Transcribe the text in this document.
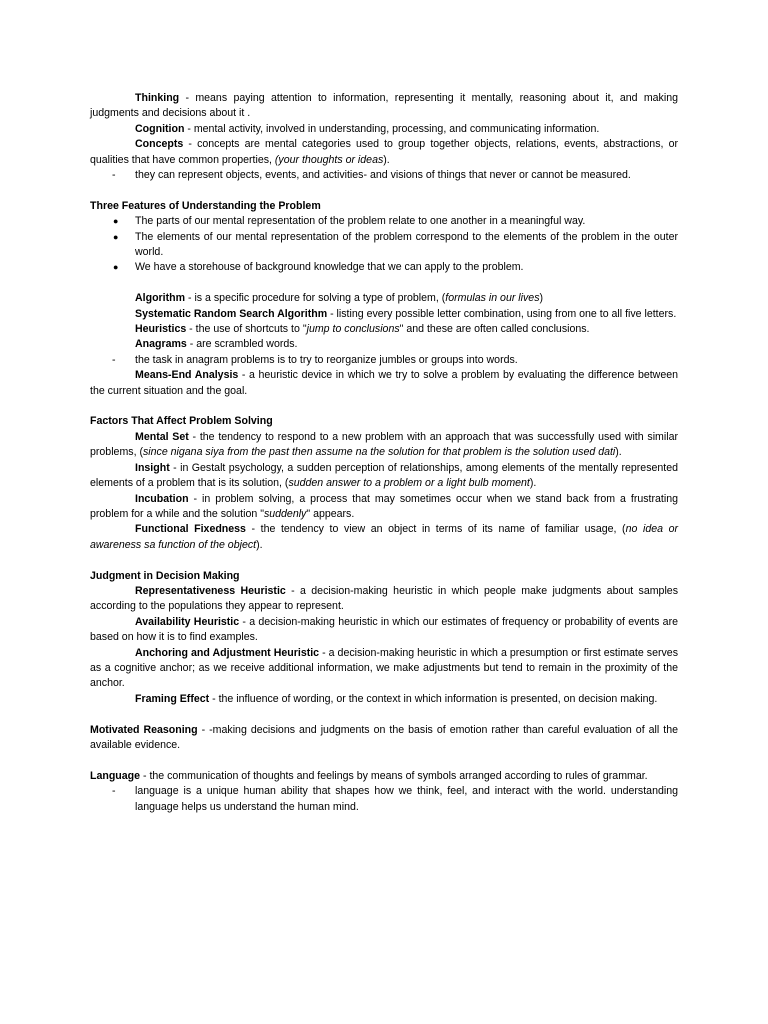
Thinking - means paying attention to information, representing it mentally, reasoning about it, and making judgments and decisions about it .

Cognition - mental activity, involved in understanding, processing, and communicating information.

Concepts - concepts are mental categories used to group together objects, relations, events, abstractions, or qualities that have common properties, (your thoughts or ideas).

- they can represent objects, events, and activities- and visions of things that never or cannot be measured.

Three Features of Understanding the Problem

● The parts of our mental representation of the problem relate to one another in a meaningful way.

● The elements of our mental representation of the problem correspond to the elements of the problem in the outer world.

● We have a storehouse of background knowledge that we can apply to the problem.

Algorithm - is a specific procedure for solving a type of problem, (formulas in our lives)

Systematic Random Search Algorithm - listing every possible letter combination, using from one to all five letters.

Heuristics - the use of shortcuts to "jump to conclusions" and these are often called conclusions.

Anagrams - are scrambled words.

- the task in anagram problems is to try to reorganize jumbles or groups into words.

Means-End Analysis - a heuristic device in which we try to solve a problem by evaluating the difference between the current situation and the goal.

Factors That Affect Problem Solving

Mental Set - the tendency to respond to a new problem with an approach that was successfully used with similar problems, (since nigana siya from the past then assume na the solution for that problem is the solution used dati).

Insight - in Gestalt psychology, a sudden perception of relationships, among elements of the mentally represented elements of a problem that is its solution, (sudden answer to a problem or a light bulb moment).

Incubation - in problem solving, a process that may sometimes occur when we stand back from a frustrating problem for a while and the solution "suddenly" appears.

Functional Fixedness - the tendency to view an object in terms of its name of familiar usage, (no idea or awareness sa function of the object).

Judgment in Decision Making

Representativeness Heuristic - a decision-making heuristic in which people make judgments about samples according to the populations they appear to represent.

Availability Heuristic - a decision-making heuristic in which our estimates of frequency or probability of events are based on how it is to find examples.

Anchoring and Adjustment Heuristic - a decision-making heuristic in which a presumption or first estimate serves as a cognitive anchor; as we receive additional information, we make adjustments but tend to remain in the proximity of the anchor.

Framing Effect - the influence of wording, or the context in which information is presented, on decision making.

Motivated Reasoning - -making decisions and judgments on the basis of emotion rather than careful evaluation of all the available evidence.

Language - the communication of thoughts and feelings by means of symbols arranged according to rules of grammar.

- language is a unique human ability that shapes how we think, feel, and interact with the world. understanding language helps us understand the human mind.
